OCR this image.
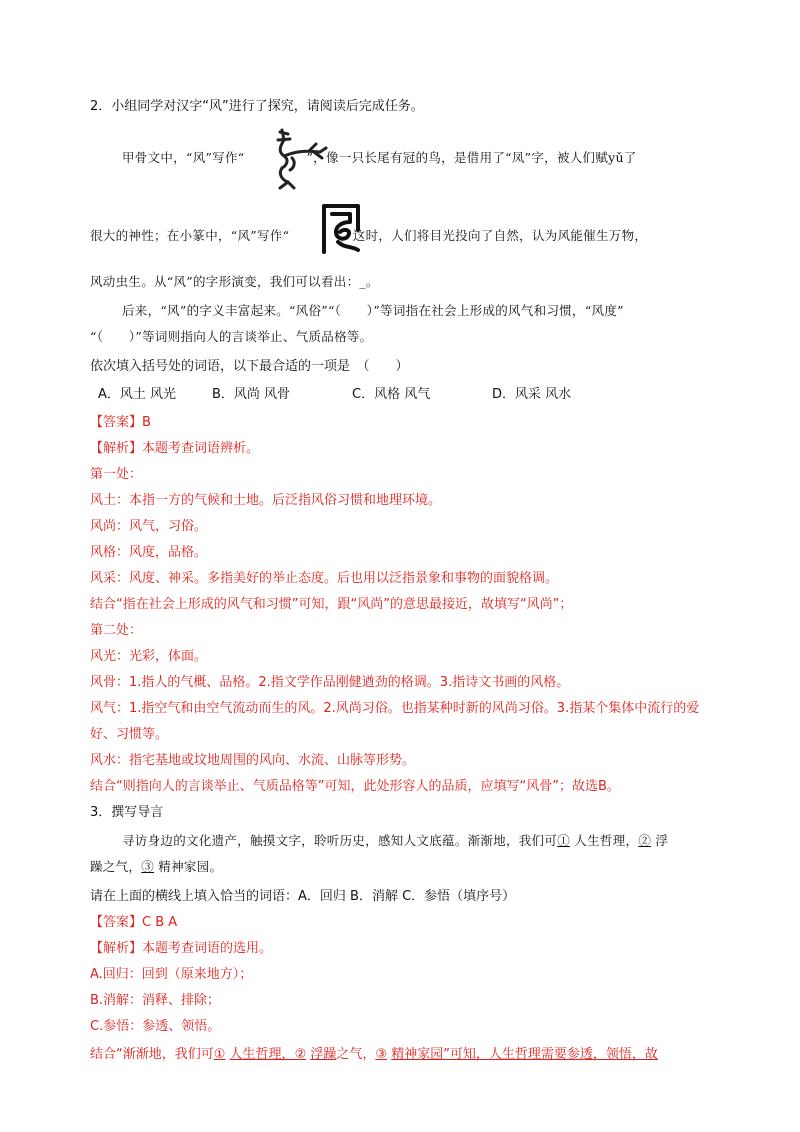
2．小组同学对汉字“风”进行了探究，请阅读后完成任务。
甲骨文中，“风”写作“	”，像一只长尾有冠的鸟，是借用了“凤”字，被人们赋yǔ了
很大的神性；在小篆中，“风”写作“	”，这时，人们将目光投向了自然，认为风能催生万物，
风动虫生。从“风”的字形演变，我们可以看出：_。
后来，“风”的字义丰富起来。“风俗”“（　　）”等词指在社会上形成的风气和习惯，“风度”
“（　　）”等词则指向人的言谈举止、气质品格等。
依次填入括号处的词语，以下最合适的一项是　（　　）
A．风土 风光	B．风尚 风骨	C．风格 风气	D．风采 风水
【答案】B
【解析】本题考查词语辨析。
第一处：
风土：本指一方的气候和土地。后泛指风俗习惯和地理环境。
风尚：风气，习俗。
风格：风度，品格。
风采：风度、神采。多指美好的举止态度。后也用以泛指景象和事物的面貌格调。
结合“指在社会上形成的风气和习惯”可知，跟“风尚”的意思最接近，故填写“风尚”；
第二处：
风光：光彩，体面。
风骨：1.指人的气概、品格。2.指文学作品刚健遒劲的格调。3.指诗文书画的风格。
风气：1.指空气和由空气流动而生的风。2.风尚习俗。也指某种时新的风尚习俗。3.指某个集体中流行的爱
好、习惯等。
风水：指宅基地或坟地周围的风向、水流、山脉等形势。
结合“则指向人的言谈举止、气质品格等”可知，此处形容人的品质，应填写“风骨”；故选B。
3．撰写导言
寻访身边的文化遗产，触摸文字，聆听历史，感知人文底蕴。渐渐地，我们可① 人生哲理，② 浮
躁之气，③ 精神家园。
请在上面的横线上填入恰当的词语：A．回归 B．消解 C．参悟（填序号）
【答案】C B A
【解析】本题考查词语的选用。
A.回归：回到（原来地方）；
B.消解：消释、排除；
C.参悟：参透、领悟。
结合“渐渐地，我们可① 人生哲理，② 浮躁之气，③ 精神家园”可知，人生哲理需要参透，领悟，故
